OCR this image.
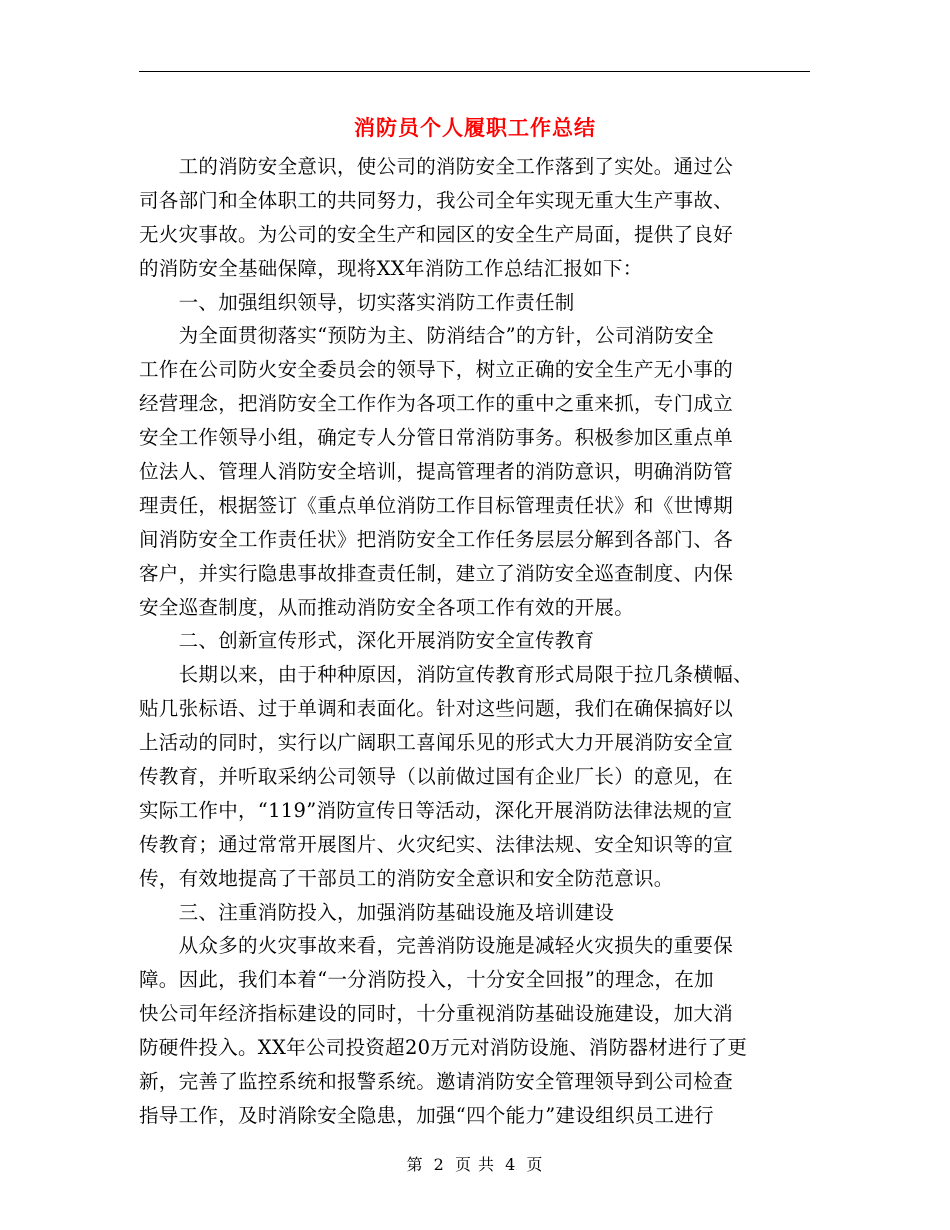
消防员个人履职工作总结
　　工的消防安全意识，使公司的消防安全工作落到了实处。通过公
司各部门和全体职工的共同努力，我公司全年实现无重大生产事故、
无火灾事故。为公司的安全生产和园区的安全生产局面，提供了良好
的消防安全基础保障，现将XX年消防工作总结汇报如下：
　　一、加强组织领导，切实落实消防工作责任制
　　为全面贯彻落实“预防为主、防消结合”的方针，公司消防安全
工作在公司防火安全委员会的领导下，树立正确的安全生产无小事的
经营理念，把消防安全工作作为各项工作的重中之重来抓，专门成立
安全工作领导小组，确定专人分管日常消防事务。积极参加区重点单
位法人、管理人消防安全培训，提高管理者的消防意识，明确消防管
理责任，根据签订《重点单位消防工作目标管理责任状》和《世博期
间消防安全工作责任状》把消防安全工作任务层层分解到各部门、各
客户，并实行隐患事故排查责任制，建立了消防安全巡查制度、内保
安全巡查制度，从而推动消防安全各项工作有效的开展。
　　二、创新宣传形式，深化开展消防安全宣传教育
　　长期以来，由于种种原因，消防宣传教育形式局限于拉几条横幅、
贴几张标语、过于单调和表面化。针对这些问题，我们在确保搞好以
上活动的同时，实行以广阔职工喜闻乐见的形式大力开展消防安全宣
传教育，并听取采纳公司领导（以前做过国有企业厂长）的意见，在
实际工作中，“119”消防宣传日等活动，深化开展消防法律法规的宣
传教育；通过常常开展图片、火灾纪实、法律法规、安全知识等的宣
传，有效地提高了干部员工的消防安全意识和安全防范意识。
　　三、注重消防投入，加强消防基础设施及培训建设
　　从众多的火灾事故来看，完善消防设施是减轻火灾损失的重要保
障。因此，我们本着“一分消防投入，十分安全回报”的理念，在加
快公司年经济指标建设的同时，十分重视消防基础设施建设，加大消
防硬件投入。XX年公司投资超20万元对消防设施、消防器材进行了更
新，完善了监控系统和报警系统。邀请消防安全管理领导到公司检查
指导工作，及时消除安全隐患，加强“四个能力”建设组织员工进行
第 2 页 共 4 页
